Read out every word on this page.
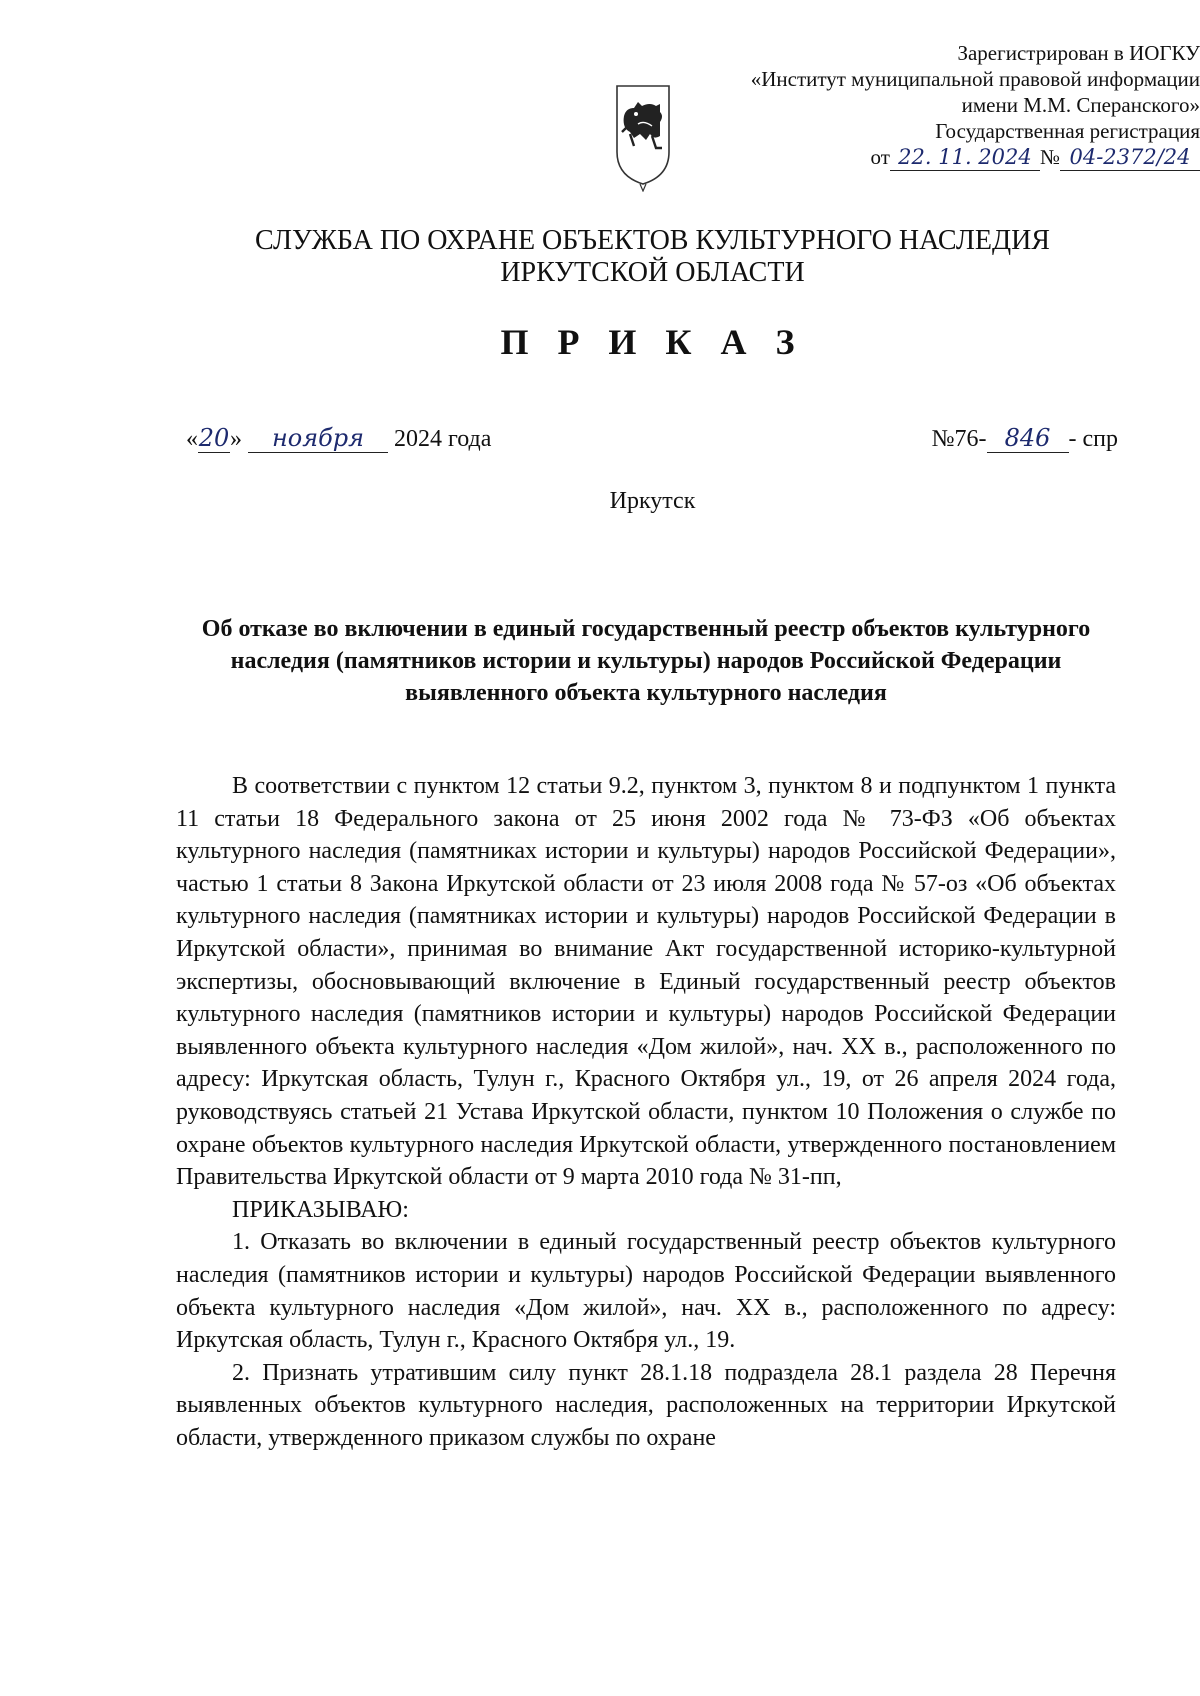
Зарегистрирован в ИОГКУ
«Институт муниципальной правовой информации
имени М.М. Сперанского»
Государственная регистрация
от 22. 11. 2024 № 04-2372/24
СЛУЖБА ПО ОХРАНЕ ОБЪЕКТОВ КУЛЬТУРНОГО НАСЛЕДИЯ
ИРКУТСКОЙ ОБЛАСТИ
П Р И К А З
«20» ноября 2024 года	№76- 846 - спр
Иркутск
Об отказе во включении в единый государственный реестр объектов культурного наследия (памятников истории и культуры) народов Российской Федерации выявленного объекта культурного наследия

В соответствии с пунктом 12 статьи 9.2, пунктом 3, пунктом 8 и подпунктом 1 пункта 11 статьи 18 Федерального закона от 25 июня 2002 года № 73-ФЗ «Об объектах культурного наследия (памятниках истории и культуры) народов Российской Федерации», частью 1 статьи 8 Закона Иркутской области от 23 июля 2008 года № 57-оз «Об объектах культурного наследия (памятниках истории и культуры) народов Российской Федерации в Иркутской области», принимая во внимание Акт государственной историко-культурной экспертизы, обосновывающий включение в Единый государственный реестр объектов культурного наследия (памятников истории и культуры) народов Российской Федерации выявленного объекта культурного наследия «Дом жилой», нач. XX в., расположенного по адресу: Иркутская область, Тулун г., Красного Октября ул., 19, от 26 апреля 2024 года, руководствуясь статьей 21 Устава Иркутской области, пунктом 10 Положения о службе по охране объектов культурного наследия Иркутской области, утвержденного постановлением Правительства Иркутской области от 9 марта 2010 года № 31-пп,

ПРИКАЗЫВАЮ:

1. Отказать во включении в единый государственный реестр объектов культурного наследия (памятников истории и культуры) народов Российской Федерации выявленного объекта культурного наследия «Дом жилой», нач. XX в., расположенного по адресу: Иркутская область, Тулун г., Красного Октября ул., 19.

2. Признать утратившим силу пункт 28.1.18 подраздела 28.1 раздела 28 Перечня выявленных объектов культурного наследия, расположенных на территории Иркутской области, утвержденного приказом службы по охране
